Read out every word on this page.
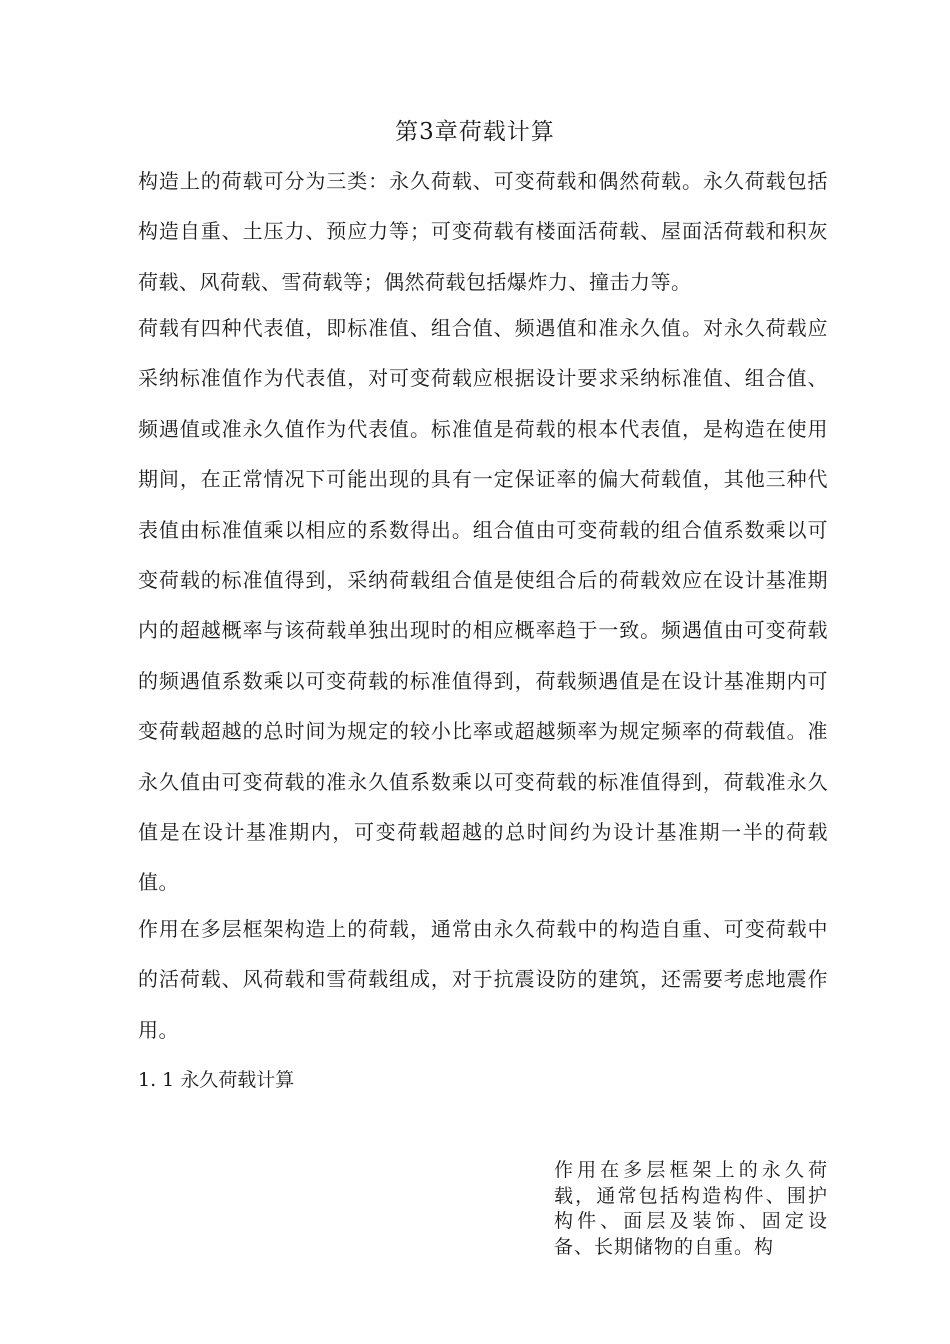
第3章荷载计算
构造上的荷载可分为三类：永久荷载、可变荷载和偶然荷载。永久荷载包括构造自重、土压力、预应力等；可变荷载有楼面活荷载、屋面活荷载和积灰荷载、风荷载、雪荷载等；偶然荷载包括爆炸力、撞击力等。
荷载有四种代表值，即标准值、组合值、频遇值和准永久值。对永久荷载应采纳标准值作为代表值，对可变荷载应根据设计要求采纳标准值、组合值、频遇值或准永久值作为代表值。标准值是荷载的根本代表值，是构造在使用期间，在正常情况下可能出现的具有一定保证率的偏大荷载值，其他三种代表值由标准值乘以相应的系数得出。组合值由可变荷载的组合值系数乘以可变荷载的标准值得到，采纳荷载组合值是使组合后的荷载效应在设计基准期内的超越概率与该荷载单独出现时的相应概率趋于一致。频遇值由可变荷载的频遇值系数乘以可变荷载的标准值得到，荷载频遇值是在设计基准期内可变荷载超越的总时间为规定的较小比率或超越频率为规定频率的荷载值。准永久值由可变荷载的准永久值系数乘以可变荷载的标准值得到，荷载准永久值是在设计基准期内，可变荷载超越的总时间约为设计基准期一半的荷载值。
作用在多层框架构造上的荷载，通常由永久荷载中的构造自重、可变荷载中的活荷载、风荷载和雪荷载组成，对于抗震设防的建筑，还需要考虑地震作用。
1. 1 永久荷载计算
作用在多层框架上的永久荷载，通常包括构造构件、围护构件、面层及装饰、固定设备、长期储物的自重。构
